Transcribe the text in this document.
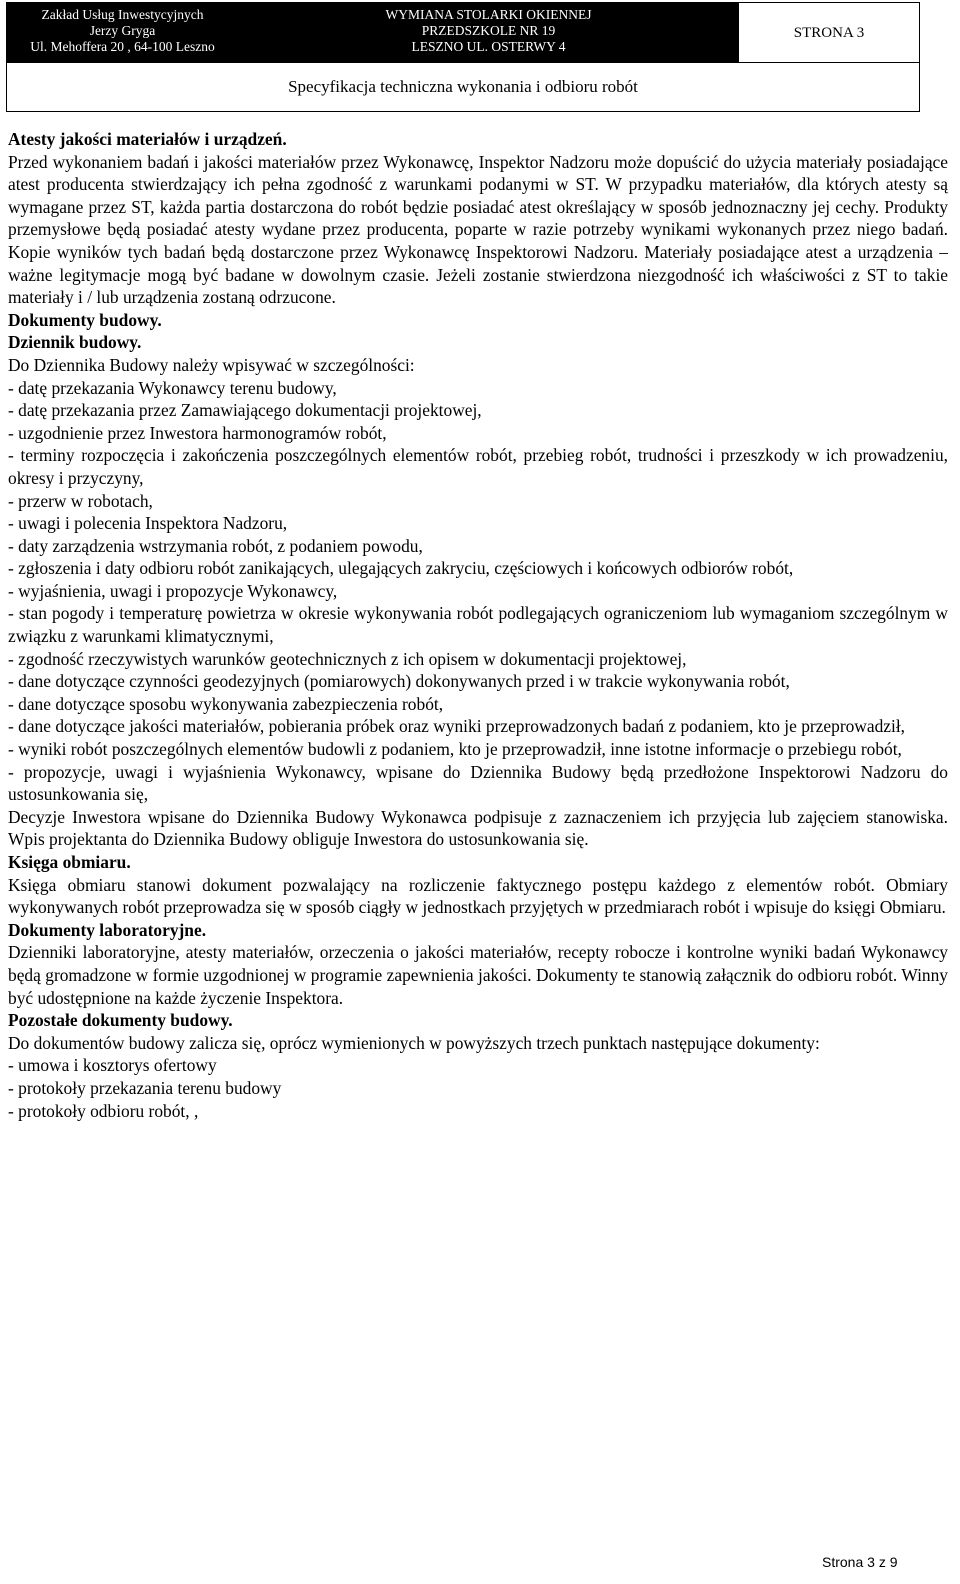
Zakład Usług Inwestycyjnych
Jerzy Gryga
Ul. Mehoffera 20 , 64-100 Leszno
WYMIANA STOLARKI OKIENNEJ
PRZEDSZKOLE NR 19
LESZNO UL. OSTERWY 4
STRONA 3
Specyfikacja techniczna wykonania i odbioru robót

Atesty jakości materiałów i urządzeń.

Przed wykonaniem badań i jakości materiałów przez Wykonawcę, Inspektor Nadzoru może dopuścić do użycia materiały posiadające atest producenta stwierdzający ich pełna zgodność z warunkami podanymi w ST. W przypadku materiałów, dla których atesty są wymagane przez ST, każda partia dostarczona do robót będzie posiadać atest określający w sposób jednoznaczny jej cechy. Produkty przemysłowe będą posiadać atesty wydane przez producenta, poparte w razie potrzeby wynikami wykonanych przez niego badań. Kopie wyników tych badań będą dostarczone przez Wykonawcę Inspektorowi Nadzoru. Materiały posiadające atest a urządzenia – ważne legitymacje mogą być badane w dowolnym czasie. Jeżeli zostanie stwierdzona niezgodność ich właściwości z ST to takie materiały i / lub urządzenia zostaną odrzucone.

Dokumenty budowy.

Dziennik budowy.

Do Dziennika Budowy należy wpisywać w szczególności:

- datę przekazania Wykonawcy terenu budowy,

- datę przekazania przez Zamawiającego dokumentacji projektowej,

- uzgodnienie przez Inwestora harmonogramów robót,

- terminy rozpoczęcia i zakończenia poszczególnych elementów robót, przebieg robót, trudności i przeszkody w ich prowadzeniu, okresy i przyczyny,

- przerw w robotach,

- uwagi i polecenia Inspektora Nadzoru,

- daty zarządzenia wstrzymania robót, z podaniem powodu,

- zgłoszenia i daty odbioru robót zanikających, ulegających zakryciu, częściowych i końcowych odbiorów robót,

- wyjaśnienia, uwagi i propozycje Wykonawcy,

- stan pogody i temperaturę powietrza w okresie wykonywania robót podlegających ograniczeniom lub wymaganiom szczególnym w związku z warunkami klimatycznymi,

- zgodność rzeczywistych warunków geotechnicznych z ich opisem w dokumentacji projektowej,

- dane dotyczące czynności geodezyjnych (pomiarowych) dokonywanych przed i w trakcie wykonywania robót,

- dane dotyczące sposobu wykonywania zabezpieczenia robót,

- dane dotyczące jakości materiałów, pobierania próbek oraz wyniki przeprowadzonych badań z podaniem, kto je przeprowadził,

- wyniki robót poszczególnych elementów budowli z podaniem, kto je przeprowadził, inne istotne informacje o przebiegu robót,

- propozycje, uwagi i wyjaśnienia Wykonawcy, wpisane do Dziennika Budowy będą przedłożone Inspektorowi Nadzoru do ustosunkowania się,

Decyzje Inwestora wpisane do Dziennika Budowy Wykonawca podpisuje z zaznaczeniem ich przyjęcia lub zajęciem stanowiska. Wpis projektanta do Dziennika Budowy obliguje Inwestora do ustosunkowania się.

Księga obmiaru.

Księga obmiaru stanowi dokument pozwalający na rozliczenie faktycznego postępu każdego z elementów robót. Obmiary wykonywanych robót przeprowadza się w sposób ciągły w jednostkach przyjętych w przedmiarach robót i wpisuje do księgi Obmiaru.

Dokumenty laboratoryjne.

Dzienniki laboratoryjne, atesty materiałów, orzeczenia o jakości materiałów, recepty robocze i kontrolne wyniki badań Wykonawcy będą gromadzone w formie uzgodnionej w programie zapewnienia jakości. Dokumenty te stanowią załącznik do odbioru robót. Winny być udostępnione na każde życzenie Inspektora.

Pozostałe dokumenty budowy.

Do dokumentów budowy zalicza się, oprócz wymienionych w powyższych trzech punktach następujące dokumenty:

- umowa i kosztorys ofertowy

- protokoły przekazania terenu budowy

- protokoły odbioru robót, ,

Strona 3 z 9
